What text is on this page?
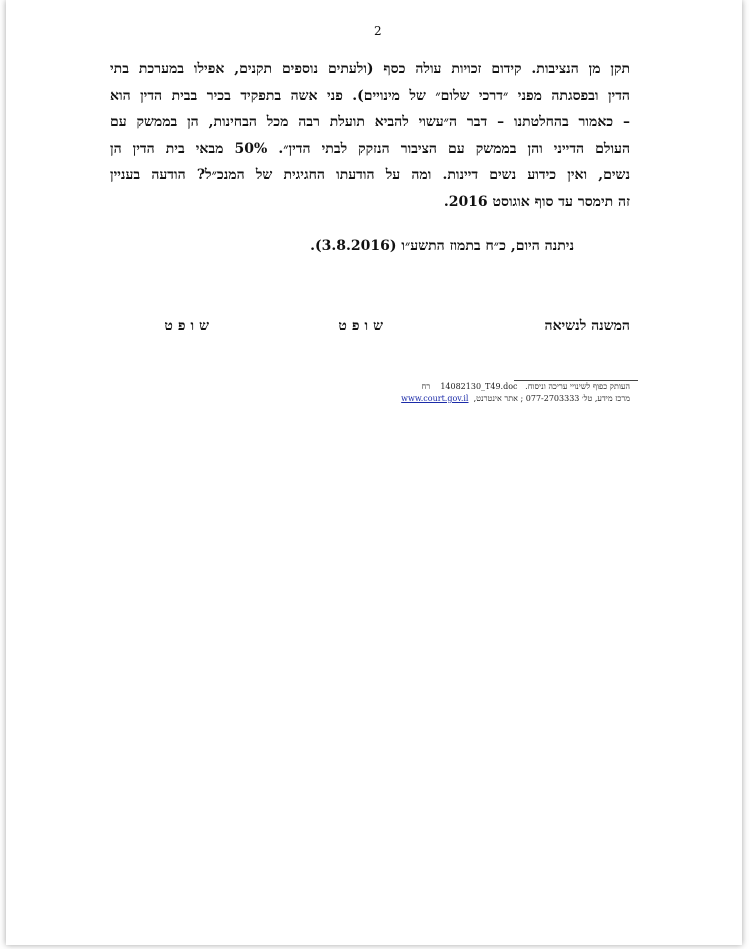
2
תקן מן הנציבות. קידום זכויות עולה כסף (ולעתים נוספים תקנים, אפילו במערכת בתי
הדין ובפסגתה מפני ״דרכי שלום״ של מינויים). פני אשה בתפקיד בכיר בבית הדין הוא
– כאמור בהחלטתנו – דבר ה״עשוי להביא תועלת רבה מכל הבחינות, הן בממשק עם
העולם הדייני והן בממשק עם הציבור הנזקק לבתי הדין״. 50% מבאי בית הדין הן
נשים, ואין כידוע נשים דיינות. ומה על הודעתו החגיגית של המנכ״ל? הודעה בעניין
זה תימסר עד סוף אוגוסט 2016.
ניתנה היום, כ״ח בתמוז התשע״ו (3.8.2016).
המשנה לנשיאה
שופט
שופט
העותק כפוף לשינויי עריכה וניסוח.   14082130_T49.doc    רח
מרכז מידע, טל׳ 077-2703333 ; אתר אינטרנט,  www.court.gov.il
